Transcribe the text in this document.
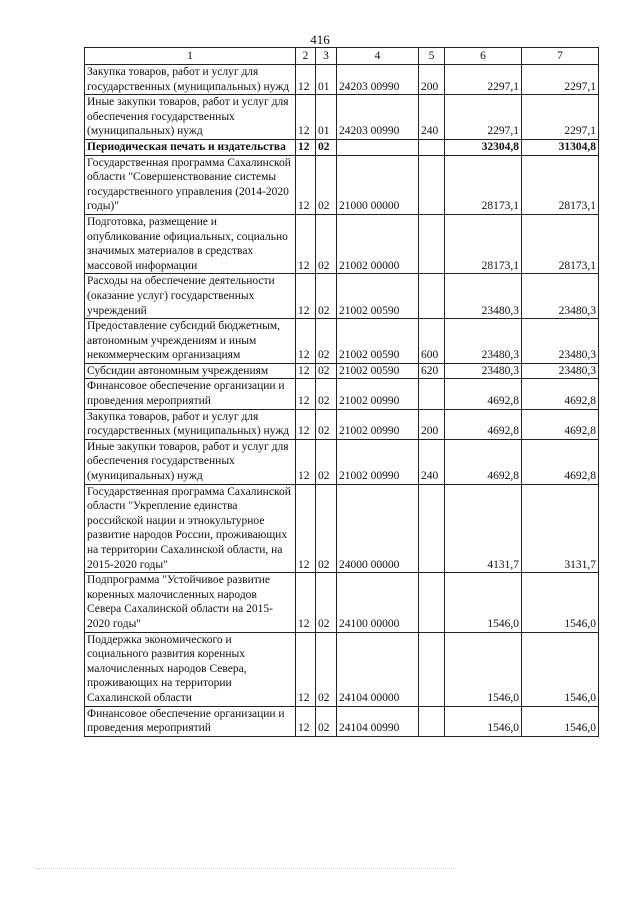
416
1	2	3	4	5	6	7
Закупка товаров, работ и услуг для государственных (муниципальных) нужд	12	01	24203 00990	200	2297,1	2297,1
Иные закупки товаров, работ и услуг для обеспечения государственных (муниципальных) нужд	12	01	24203 00990	240	2297,1	2297,1
Периодическая печать и издательства	12	02			32304,8	31304,8
Государственная программа Сахалинской области "Совершенствование системы государственного управления (2014-2020 годы)"	12	02	21000 00000		28173,1	28173,1
Подготовка, размещение и опубликование официальных, социально значимых материалов в средствах массовой информации	12	02	21002 00000		28173,1	28173,1
Расходы на обеспечение деятельности (оказание услуг) государственных учреждений	12	02	21002 00590		23480,3	23480,3
Предоставление субсидий бюджетным, автономным учреждениям и иным некоммерческим организациям	12	02	21002 00590	600	23480,3	23480,3
Субсидии автономным учреждениям	12	02	21002 00590	620	23480,3	23480,3
Финансовое обеспечение организации и проведения мероприятий	12	02	21002 00990		4692,8	4692,8
Закупка товаров, работ и услуг для государственных (муниципальных) нужд	12	02	21002 00990	200	4692,8	4692,8
Иные закупки товаров, работ и услуг для обеспечения государственных (муниципальных) нужд	12	02	21002 00990	240	4692,8	4692,8
Государственная программа Сахалинской области "Укрепление единства российской нации и этнокультурное развитие народов России, проживающих на территории Сахалинской области, на 2015-2020 годы"	12	02	24000 00000		4131,7	3131,7
Подпрограмма "Устойчивое развитие коренных малочисленных народов Севера Сахалинской области на 2015-2020 годы"	12	02	24100 00000		1546,0	1546,0
Поддержка экономического и социального развития коренных малочисленных народов Севера, проживающих на территории Сахалинской области	12	02	24104 00000		1546,0	1546,0
Финансовое обеспечение организации и проведения мероприятий	12	02	24104 00990		1546,0	1546,0
